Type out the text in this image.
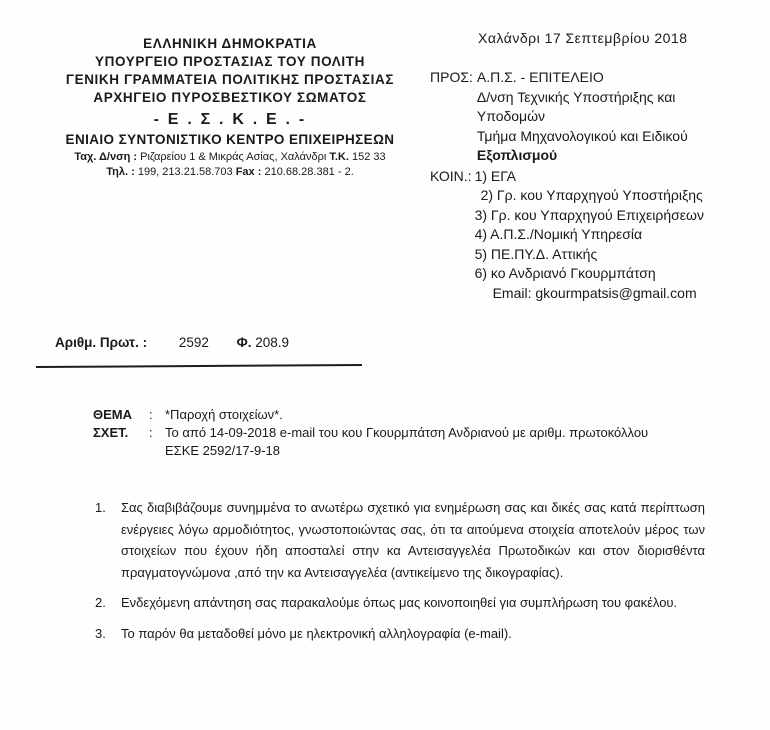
ΕΛΛΗΝΙΚΗ ΔΗΜΟΚΡΑΤΙΑ
ΥΠΟΥΡΓΕΙΟ ΠΡΟΣΤΑΣΙΑΣ ΤΟΥ ΠΟΛΙΤΗ
ΓΕΝΙΚΗ ΓΡΑΜΜΑΤΕΙΑ ΠΟΛΙΤΙΚΗΣ ΠΡΟΣΤΑΣΙΑΣ
ΑΡΧΗΓΕΙΟ ΠΥΡΟΣΒΕΣΤΙΚΟΥ ΣΩΜΑΤΟΣ
- Ε . Σ . Κ . Ε . -
ΕΝΙΑΙΟ ΣΥΝΤΟΝΙΣΤΙΚΟ ΚΕΝΤΡΟ ΕΠΙΧΕΙΡΗΣΕΩΝ
Ταχ. Δ/νση : Ριζαρείου 1 & Μικράς Ασίας, Χαλάνδρι Τ.Κ. 152 33
Τηλ. : 199, 213.21.58.703 Fax : 210.68.28.381 - 2.
Χαλάνδρι 17 Σεπτεμβρίου 2018
ΠΡΟΣ: Α.Π.Σ. - ΕΠΙΤΕΛΕΙΟ
Δ/νση Τεχνικής Υποστήριξης και
Υποδομών
Τμήμα Μηχανολογικού και Ειδικού
Εξοπλισμού
ΚΟΙΝ.: 1) ΕΓΑ
2) Γρ. κου Υπαρχηγού Υποστήριξης
3) Γρ. κου Υπαρχηγού Επιχειρήσεων
4) Α.Π.Σ./Νομική Υπηρεσία
5) ΠΕ.ΠΥ.Δ. Αττικής
6) κο Ανδριανό Γκουρμπάτση
Email: gkourmpatsis@gmail.com
Αριθμ. Πρωτ. : 2592 Φ. 208.9
ΘΕΜΑ	: *Παροχή στοιχείων*.
ΣΧΕΤ.	: Το από 14-09-2018 e-mail του κου Γκουρμπάτση Ανδριανού με αριθμ. πρωτοκόλλου
ΕΣΚΕ 2592/17-9-18
1.	Σας διαβιβάζουμε συνημμένα το ανωτέρω σχετικό για ενημέρωση σας και δικές σας κατά περίπτωση ενέργειες λόγω αρμοδιότητος, γνωστοποιώντας σας, ότι τα αιτούμενα στοιχεία αποτελούν μέρος των στοιχείων που έχουν ήδη αποσταλεί στην κα Αντεισαγγελέα Πρωτοδικών και στον διορισθέντα πραγματογνώμονα ,από την κα Αντεισαγγελέα (αντικείμενο της δικογραφίας).
2.	Ενδεχόμενη απάντηση σας παρακαλούμε όπως μας κοινοποιηθεί για συμπλήρωση του φακέλου.
3.	Το παρόν θα μεταδοθεί μόνο με ηλεκτρονική αλληλογραφία (e-mail).
